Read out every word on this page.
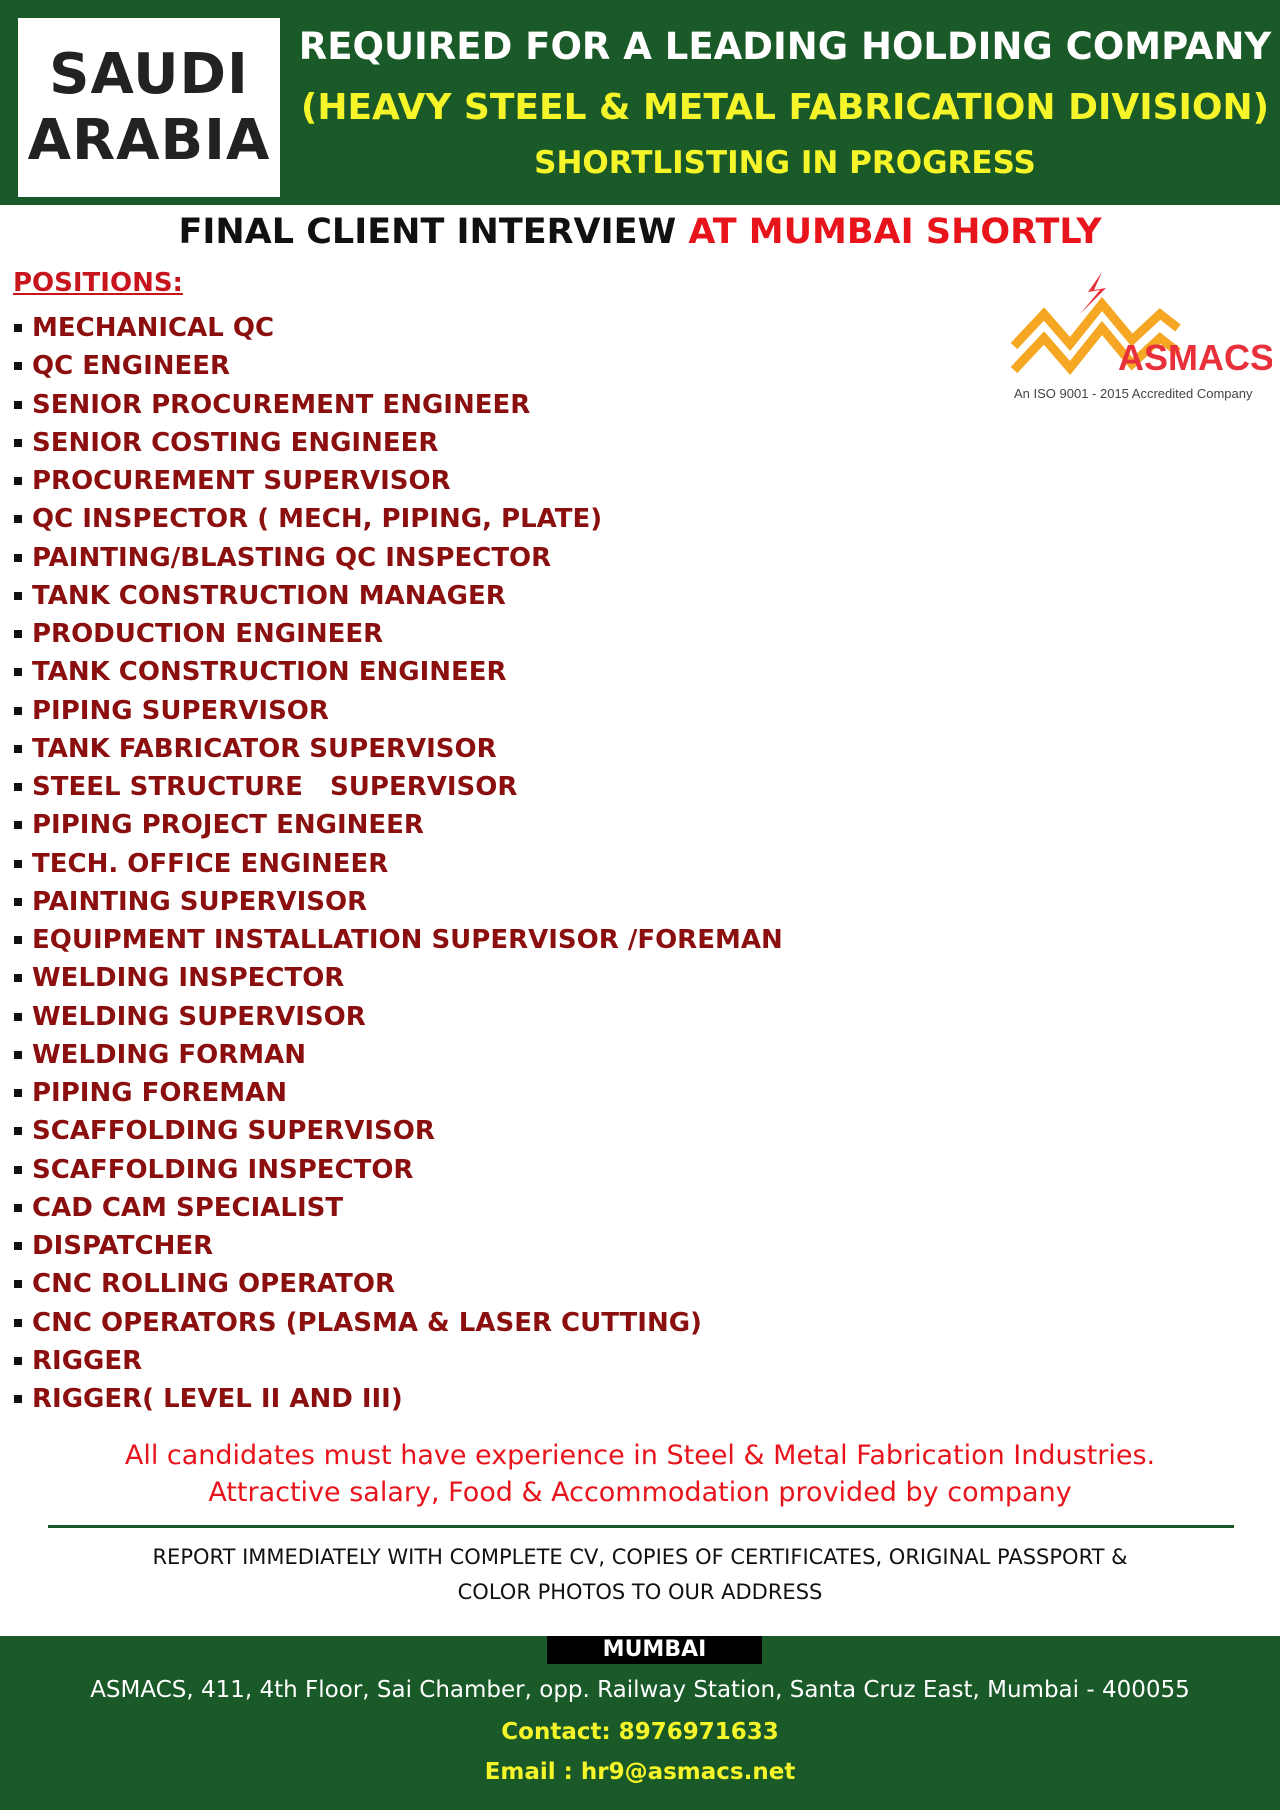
SAUDI
ARABIA
REQUIRED FOR A LEADING HOLDING COMPANY
(HEAVY STEEL & METAL FABRICATION DIVISION)
SHORTLISTING IN PROGRESS
FINAL CLIENT INTERVIEW AT MUMBAI SHORTLY
POSITIONS:
ASMACS
An ISO 9001 - 2015 Accredited Company
MECHANICAL QC
QC ENGINEER
SENIOR PROCUREMENT ENGINEER
SENIOR COSTING ENGINEER
PROCUREMENT SUPERVISOR
QC INSPECTOR ( MECH, PIPING, PLATE)
PAINTING/BLASTING QC INSPECTOR
TANK CONSTRUCTION MANAGER
PRODUCTION ENGINEER
TANK CONSTRUCTION ENGINEER
PIPING SUPERVISOR
TANK FABRICATOR SUPERVISOR
STEEL STRUCTURE   SUPERVISOR
PIPING PROJECT ENGINEER
TECH. OFFICE ENGINEER
PAINTING SUPERVISOR
EQUIPMENT INSTALLATION SUPERVISOR /FOREMAN
WELDING INSPECTOR
WELDING SUPERVISOR
WELDING FORMAN
PIPING FOREMAN
SCAFFOLDING SUPERVISOR
SCAFFOLDING INSPECTOR
CAD CAM SPECIALIST
DISPATCHER
CNC ROLLING OPERATOR
CNC OPERATORS (PLASMA & LASER CUTTING)
RIGGER
RIGGER( LEVEL II AND III)
All candidates must have experience in Steel & Metal Fabrication Industries.
Attractive salary, Food & Accommodation provided by company
REPORT IMMEDIATELY WITH COMPLETE CV, COPIES OF CERTIFICATES, ORIGINAL PASSPORT &
COLOR PHOTOS TO OUR ADDRESS
MUMBAI
ASMACS, 411, 4th Floor, Sai Chamber, opp. Railway Station, Santa Cruz East, Mumbai - 400055
Contact: 8976971633
Email : hr9@asmacs.net
